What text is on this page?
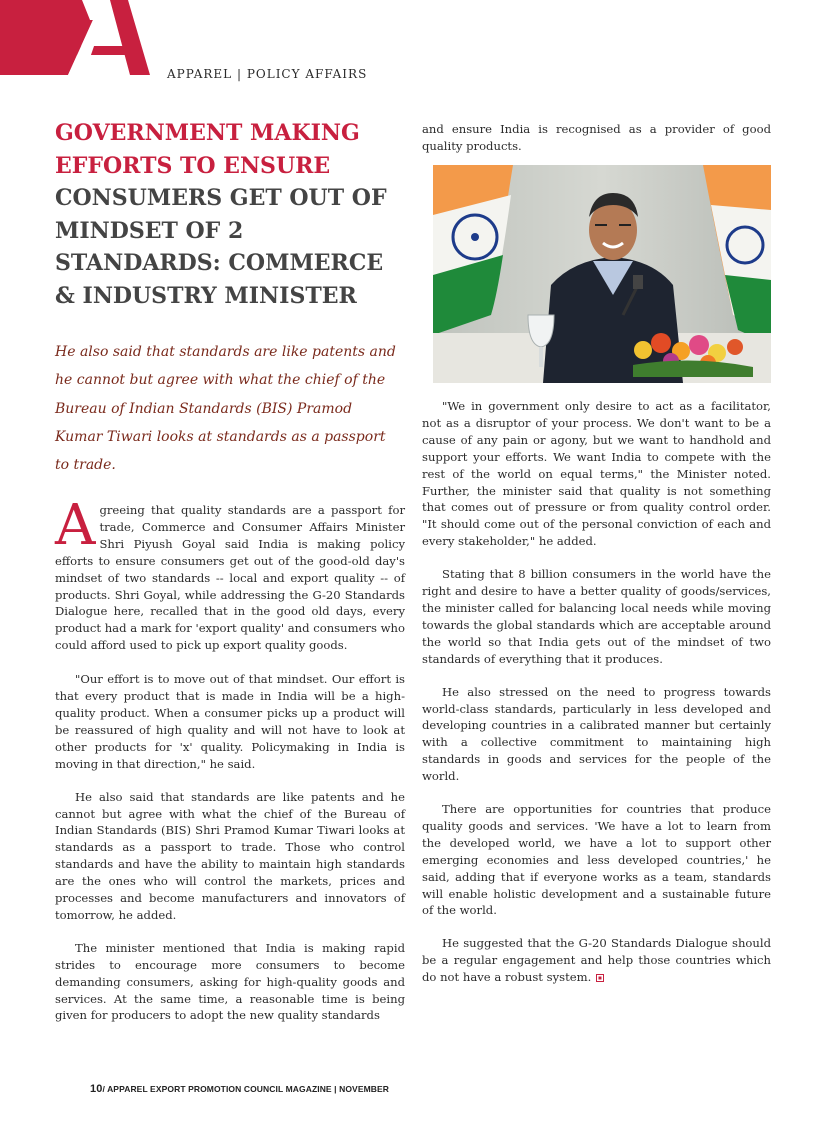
APPAREL | POLICY AFFAIRS
GOVERNMENT MAKING EFFORTS TO ENSURE
CONSUMERS GET OUT OF MINDSET OF 2 STANDARDS: COMMERCE & INDUSTRY MINISTER

He also said that standards are like patents and he cannot but agree with what the chief of the Bureau of Indian Standards (BIS) Pramod Kumar Tiwari looks at standards as a passport to trade.

Agreeing that quality standards are a passport for trade, Commerce and Consumer Affairs Minister Shri Piyush Goyal said India is making policy efforts to ensure consumers get out of the good-old day's mindset of two standards -- local and export quality -- of products. Shri Goyal, while addressing the G-20 Standards Dialogue here, recalled that in the good old days, every product had a mark for 'export quality' and consumers who could afford used to pick up export quality goods.

"Our effort is to move out of that mindset. Our effort is that every product that is made in India will be a high-quality product. When a consumer picks up a product will be reassured of high quality and will not have to look at other products for 'x' quality. Policymaking in India is moving in that direction," he said.

He also said that standards are like patents and he cannot but agree with what the chief of the Bureau of Indian Standards (BIS) Shri Pramod Kumar Tiwari looks at standards as a passport to trade. Those who control standards and have the ability to maintain high standards are the ones who will control the markets, prices and processes and become manufacturers and innovators of tomorrow, he added.

The minister mentioned that India is making rapid strides to encourage more consumers to become demanding consumers, asking for high-quality goods and services. At the same time, a reasonable time is being given for producers to adopt the new quality standards

and ensure India is recognised as a provider of good quality products.

"We in government only desire to act as a facilitator, not as a disruptor of your process. We don't want to be a cause of any pain or agony, but we want to handhold and support your efforts. We want India to compete with the rest of the world on equal terms," the Minister noted. Further, the minister said that quality is not something that comes out of pressure or from quality control order. "It should come out of the personal conviction of each and every stakeholder," he added.

Stating that 8 billion consumers in the world have the right and desire to have a better quality of goods/services, the minister called for balancing local needs while moving towards the global standards which are acceptable around the world so that India gets out of the mindset of two standards of everything that it produces.

He also stressed on the need to progress towards world-class standards, particularly in less developed and developing countries in a calibrated manner but certainly with a collective commitment to maintaining high standards in goods and services for the people of the world.

There are opportunities for countries that produce quality goods and services. 'We have a lot to learn from the developed world, we have a lot to support other emerging economies and less developed countries,' he said, adding that if everyone works as a team, standards will enable holistic development and a sustainable future of the world.

He suggested that the G-20 Standards Dialogue should be a regular engagement and help those countries which do not have a robust system.

10/ APPAREL EXPORT PROMOTION COUNCIL MAGAZINE | NOVEMBER
